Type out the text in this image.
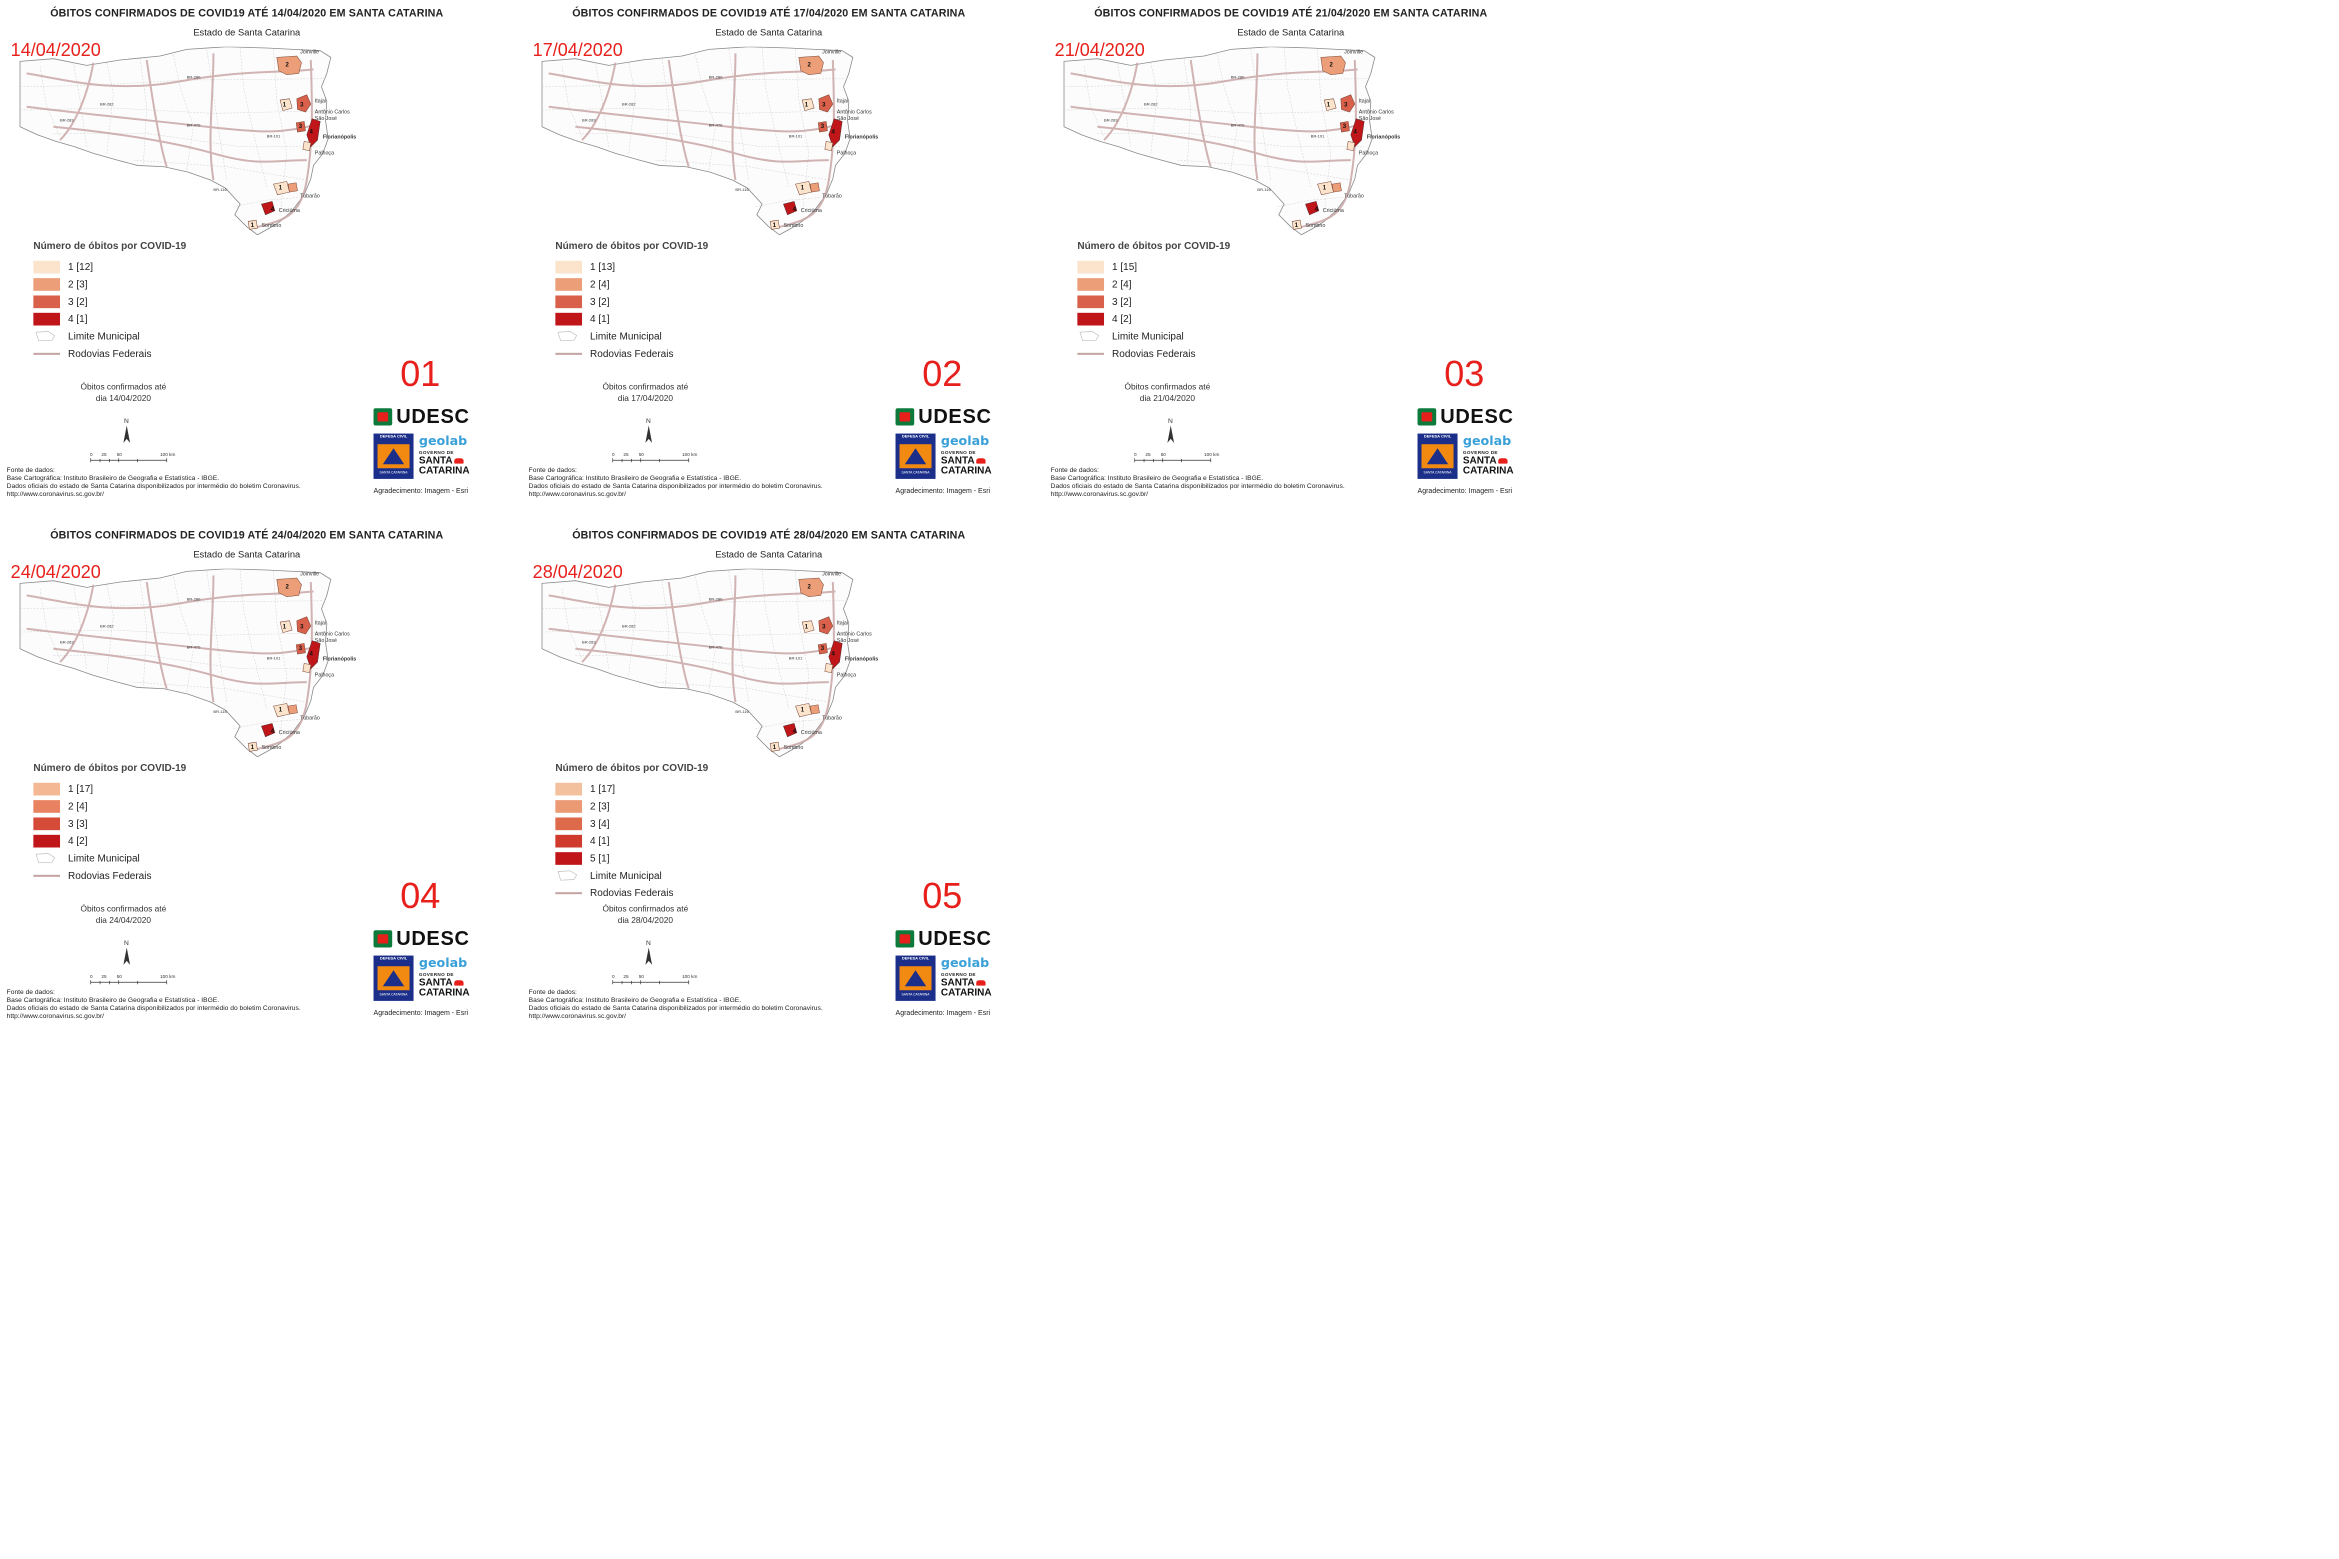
ÓBITOS CONFIRMADOS DE COVID19 ATÉ 14/04/2020 EM SANTA CATARINA
Estado de Santa Catarina
14/04/2020	Joinville
Itajaí
Antônio Carlos
São José
Florianópolis
Palhoça
Tubarão
Criciúma
Sombrio
BR-280
BR-282
BR-470
BR-101
BR-283
BR-116
2
3
1
4
3
4
1
1
Número de óbitos por COVID-19
1 [12]
2 [3]
3 [2]
4 [1]
Limite Municipal
Rodovias Federais
Óbitos confirmados até
dia 14/04/2020
01
N
0 25 50	100 km
Fonte de dados:
Base Cartográfica: Instituto Brasileiro de Geografia e Estatística - IBGE.
Dados oficiais do estado de Santa Catarina disponibilizados por intermédio do boletim Coronavirus.
http://www.coronavirus.sc.gov.br/
UDESC
DEFESA CIVIL
SANTA CATARINA
geolab
GOVERNO DE
SANTA
CATARINA
Agradecimento: Imagem - Esri
ÓBITOS CONFIRMADOS DE COVID19 ATÉ 17/04/2020 EM SANTA CATARINA
Estado de Santa Catarina
17/04/2020	Joinville
Itajaí
Antônio Carlos
São José
Florianópolis
Palhoça
Tubarão
Criciúma
Sombrio
BR-280
BR-282
BR-470
BR-101
BR-283
BR-116
2
3
1
4
3
4
1
1
Número de óbitos por COVID-19
1 [13]
2 [4]
3 [2]
4 [1]
Limite Municipal
Rodovias Federais
Óbitos confirmados até
dia 17/04/2020
02
N
0 25 50	100 km
Fonte de dados:
Base Cartográfica: Instituto Brasileiro de Geografia e Estatística - IBGE.
Dados oficiais do estado de Santa Catarina disponibilizados por intermédio do boletim Coronavirus.
http://www.coronavirus.sc.gov.br/
UDESC
DEFESA CIVIL
SANTA CATARINA
geolab
GOVERNO DE
SANTA
CATARINA
Agradecimento: Imagem - Esri
ÓBITOS CONFIRMADOS DE COVID19 ATÉ 21/04/2020 EM SANTA CATARINA
Estado de Santa Catarina
21/04/2020	Joinville
Itajaí
Antônio Carlos
São José
Florianópolis
Palhoça
Tubarão
Criciúma
Sombrio
BR-280
BR-282
BR-470
BR-101
BR-283
BR-116
2
3
1
4
3
4
1
1
Número de óbitos por COVID-19
1 [15]
2 [4]
3 [2]
4 [2]
Limite Municipal
Rodovias Federais
Óbitos confirmados até
dia 21/04/2020
03
N
0 25 50	100 km
Fonte de dados:
Base Cartográfica: Instituto Brasileiro de Geografia e Estatística - IBGE.
Dados oficiais do estado de Santa Catarina disponibilizados por intermédio do boletim Coronavirus.
http://www.coronavirus.sc.gov.br/
UDESC
DEFESA CIVIL
SANTA CATARINA
geolab
GOVERNO DE
SANTA
CATARINA
Agradecimento: Imagem - Esri
ÓBITOS CONFIRMADOS DE COVID19 ATÉ 24/04/2020 EM SANTA CATARINA
Estado de Santa Catarina
24/04/2020	Joinville
Itajaí
Antônio Carlos
São José
Florianópolis
Palhoça
Tubarão
Criciúma
Sombrio
BR-280
BR-282
BR-470
BR-101
BR-283
BR-116
2
3
1
4
3
4
1
1
Número de óbitos por COVID-19
1 [17]
2 [4]
3 [3]
4 [2]
Limite Municipal
Rodovias Federais
Óbitos confirmados até
dia 24/04/2020
04
N
0 25 50	100 km
Fonte de dados:
Base Cartográfica: Instituto Brasileiro de Geografia e Estatística - IBGE.
Dados oficiais do estado de Santa Catarina disponibilizados por intermédio do boletim Coronavirus.
http://www.coronavirus.sc.gov.br/
UDESC
DEFESA CIVIL
SANTA CATARINA
geolab
GOVERNO DE
SANTA
CATARINA
Agradecimento: Imagem - Esri
ÓBITOS CONFIRMADOS DE COVID19 ATÉ 28/04/2020 EM SANTA CATARINA
Estado de Santa Catarina
28/04/2020	Joinville
Itajaí
Antônio Carlos
São José
Florianópolis
Palhoça
Tubarão
Criciúma
Sombrio
BR-280
BR-282
BR-470
BR-101
BR-283
BR-116
2
3
1
4
3
4
1
1
Número de óbitos por COVID-19
1 [17]
2 [3]
3 [4]
4 [1]
5 [1]
Limite Municipal
Rodovias Federais
Óbitos confirmados até
dia 28/04/2020
05
N
0 25 50	100 km
Fonte de dados:
Base Cartográfica: Instituto Brasileiro de Geografia e Estatística - IBGE.
Dados oficiais do estado de Santa Catarina disponibilizados por intermédio do boletim Coronavirus.
http://www.coronavirus.sc.gov.br/
UDESC
DEFESA CIVIL
SANTA CATARINA
geolab
GOVERNO DE
SANTA
CATARINA
Agradecimento: Imagem - Esri
